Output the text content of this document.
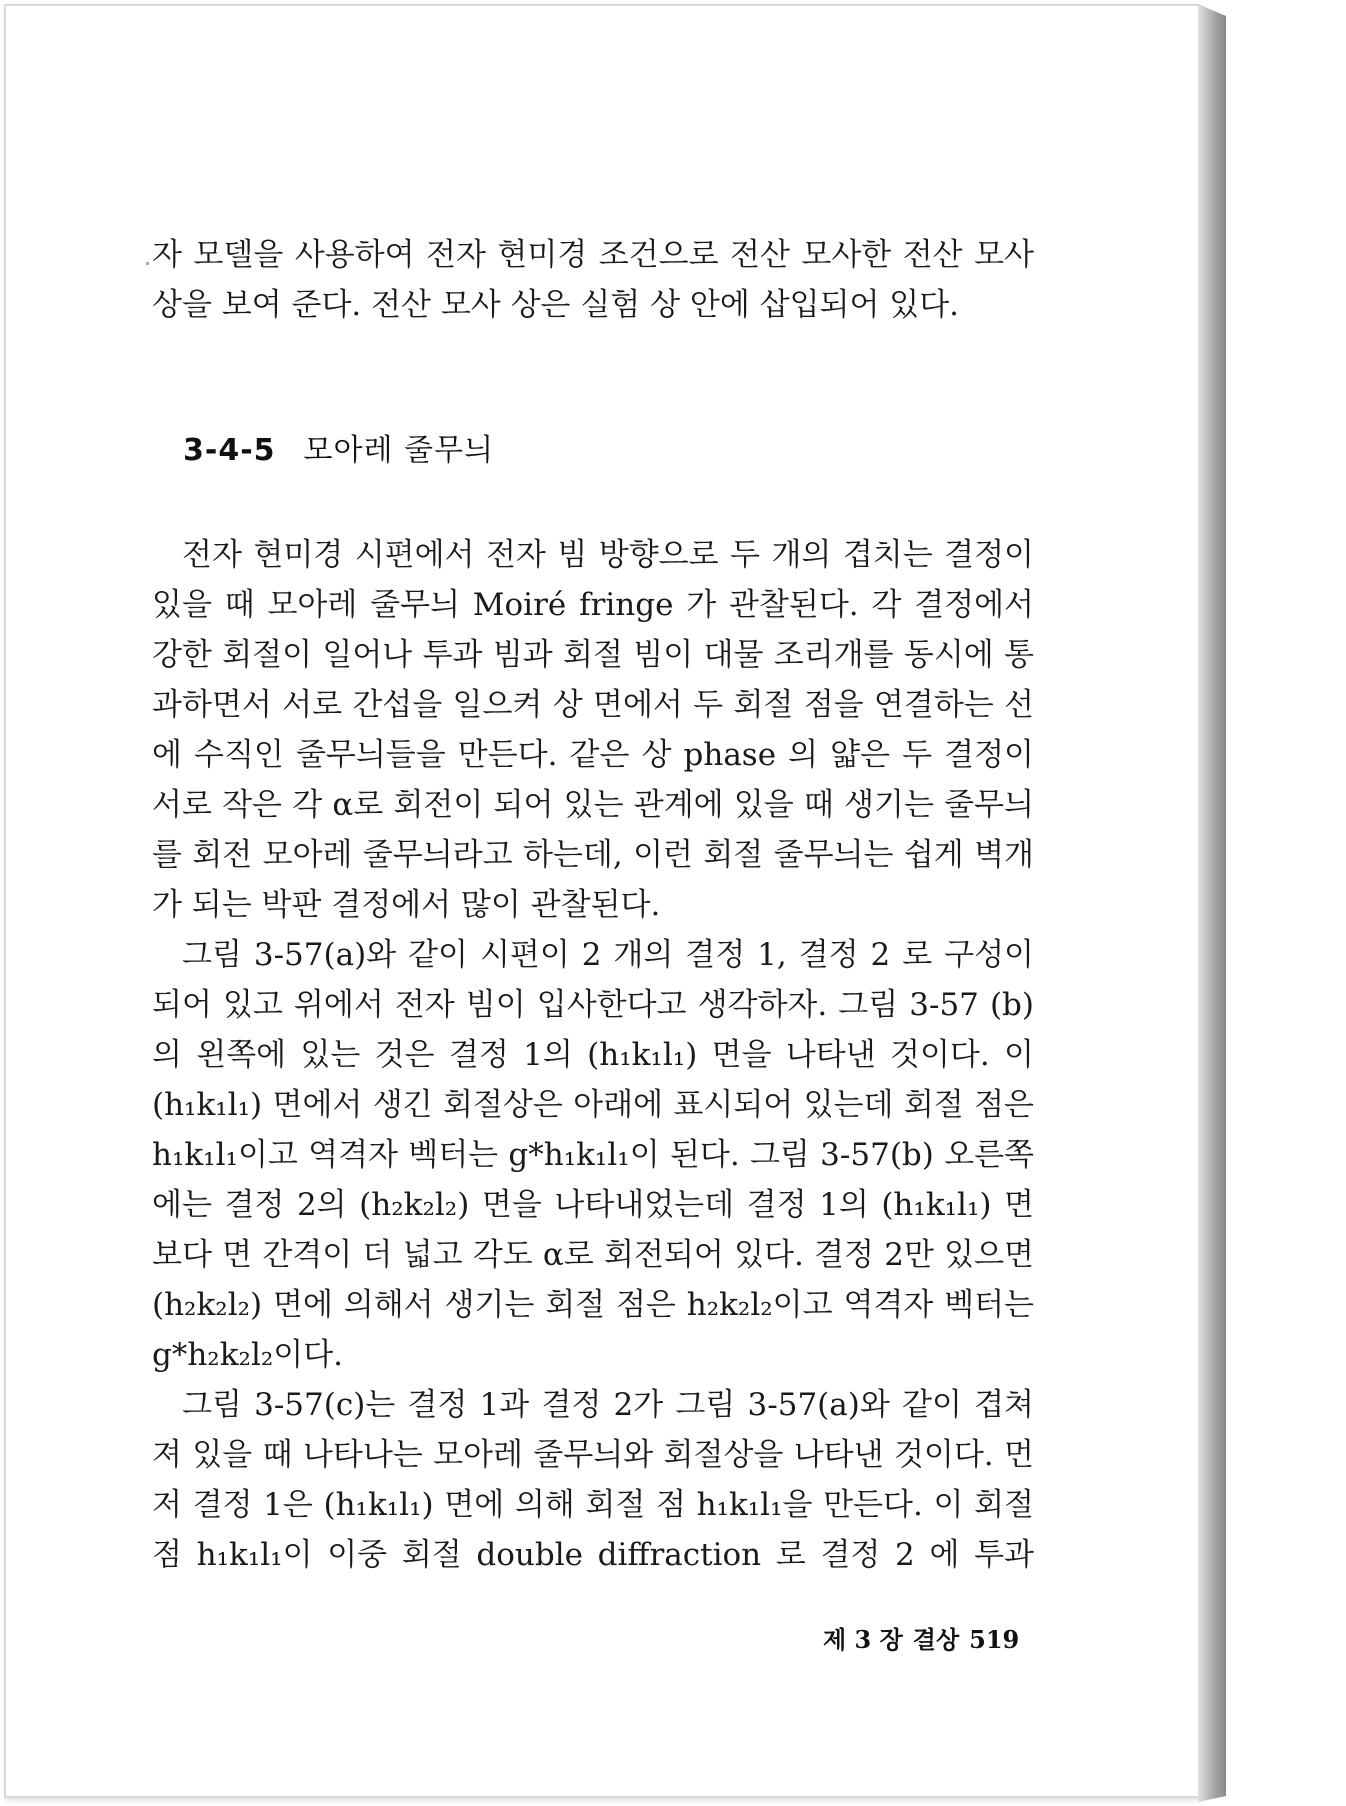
자 모델을 사용하여 전자 현미경 조건으로 전산 모사한 전산 모사 상을 보여 준다. 전산 모사 상은 실험 상 안에 삽입되어 있다.

3-4-5 모아레 줄무늬

전자 현미경 시편에서 전자 빔 방향으로 두 개의 겹치는 결정이 있을 때 모아레 줄무늬 Moiré fringe 가 관찰된다. 각 결정에서 강한 회절이 일어나 투과 빔과 회절 빔이 대물 조리개를 동시에 통과하면서 서로 간섭을 일으켜 상 면에서 두 회절 점을 연결하는 선에 수직인 줄무늬들을 만든다. 같은 상 phase 의 얇은 두 결정이 서로 작은 각 α로 회전이 되어 있는 관계에 있을 때 생기는 줄무늬를 회전 모아레 줄무늬라고 하는데, 이런 회절 줄무늬는 쉽게 벽개가 되는 박판 결정에서 많이 관찰된다.

그림 3-57(a)와 같이 시편이 2 개의 결정 1, 결정 2 로 구성이 되어 있고 위에서 전자 빔이 입사한다고 생각하자. 그림 3-57 (b)의 왼쪽에 있는 것은 결정 1의 (h₁k₁l₁) 면을 나타낸 것이다. 이 (h₁k₁l₁) 면에서 생긴 회절상은 아래에 표시되어 있는데 회절 점은 h₁k₁l₁이고 역격자 벡터는 g*h₁k₁l₁이 된다. 그림 3-57(b) 오른쪽에는 결정 2의 (h₂k₂l₂) 면을 나타내었는데 결정 1의 (h₁k₁l₁) 면보다 면 간격이 더 넓고 각도 α로 회전되어 있다. 결정 2만 있으면 (h₂k₂l₂) 면에 의해서 생기는 회절 점은 h₂k₂l₂이고 역격자 벡터는 g*h₂k₂l₂이다.

그림 3-57(c)는 결정 1과 결정 2가 그림 3-57(a)와 같이 겹쳐져 있을 때 나타나는 모아레 줄무늬와 회절상을 나타낸 것이다. 먼저 결정 1은 (h₁k₁l₁) 면에 의해 회절 점 h₁k₁l₁을 만든다. 이 회절 점 h₁k₁l₁이 이중 회절 double diffraction 로 결정 2 에 투과

제 3 장 결상 519
